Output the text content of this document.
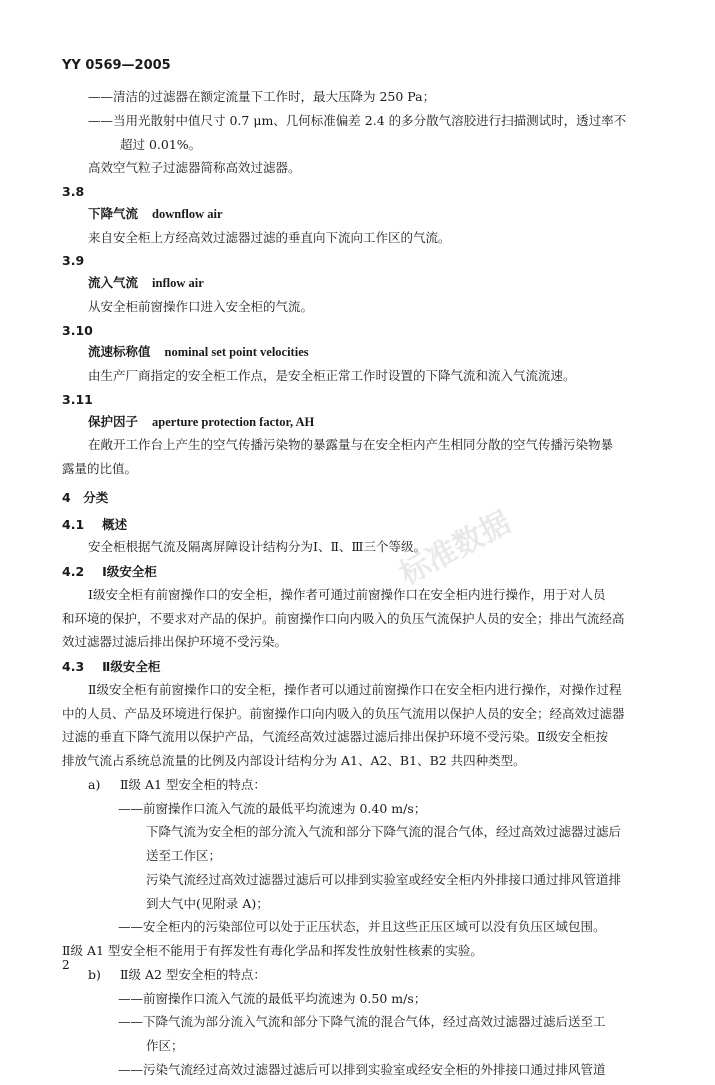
YY 0569—2005
——清洁的过滤器在额定流量下工作时，最大压降为 250 Pa；
——当用光散射中值尺寸 0.7 μm、几何标准偏差 2.4 的多分散气溶胶进行扫描测试时，透过率不
超过 0.01%。
高效空气粒子过滤器简称高效过滤器。
3.8
下降气流 downflow air
来自安全柜上方经高效过滤器过滤的垂直向下流向工作区的气流。
3.9
流入气流 inflow air
从安全柜前窗操作口进入安全柜的气流。
3.10
流速标称值 nominal set point velocities
由生产厂商指定的安全柜工作点，是安全柜正常工作时设置的下降气流和流入气流流速。
3.11
保护因子 aperture protection factor, AH
在敞开工作台上产生的空气传播污染物的暴露量与在安全柜内产生相同分散的空气传播污染物暴
露量的比值。
4　分类
4.1 概述
安全柜根据气流及隔离屏障设计结构分为Ⅰ、Ⅱ、Ⅲ三个等级。
4.2 Ⅰ级安全柜
Ⅰ级安全柜有前窗操作口的安全柜，操作者可通过前窗操作口在安全柜内进行操作，用于对人员
和环境的保护，不要求对产品的保护。前窗操作口向内吸入的负压气流保护人员的安全；排出气流经高
效过滤器过滤后排出保护环境不受污染。
4.3 Ⅱ级安全柜
Ⅱ级安全柜有前窗操作口的安全柜，操作者可以通过前窗操作口在安全柜内进行操作，对操作过程
中的人员、产品及环境进行保护。前窗操作口向内吸入的负压气流用以保护人员的安全；经高效过滤器
过滤的垂直下降气流用以保护产品，气流经高效过滤器过滤后排出保护环境不受污染。Ⅱ级安全柜按
排放气流占系统总流量的比例及内部设计结构分为 A1、A2、B1、B2 共四种类型。
a) Ⅱ级 A1 型安全柜的特点：
——前窗操作口流入气流的最低平均流速为 0.40 m/s；
下降气流为安全柜的部分流入气流和部分下降气流的混合气体，经过高效过滤器过滤后
送至工作区；
污染气流经过高效过滤器过滤后可以排到实验室或经安全柜内外排接口通过排风管道排
到大气中(见附录 A)；
——安全柜内的污染部位可以处于正压状态，并且这些正压区域可以没有负压区域包围。
Ⅱ级 A1 型安全柜不能用于有挥发性有毒化学品和挥发性放射性核素的实验。
b) Ⅱ级 A2 型安全柜的特点：
——前窗操作口流入气流的最低平均流速为 0.50 m/s；
——下降气流为部分流入气流和部分下降气流的混合气体，经过高效过滤器过滤后送至工
作区；
——污染气流经过高效过滤器过滤后可以排到实验室或经安全柜的外排接口通过排风管道
标准数据
2
